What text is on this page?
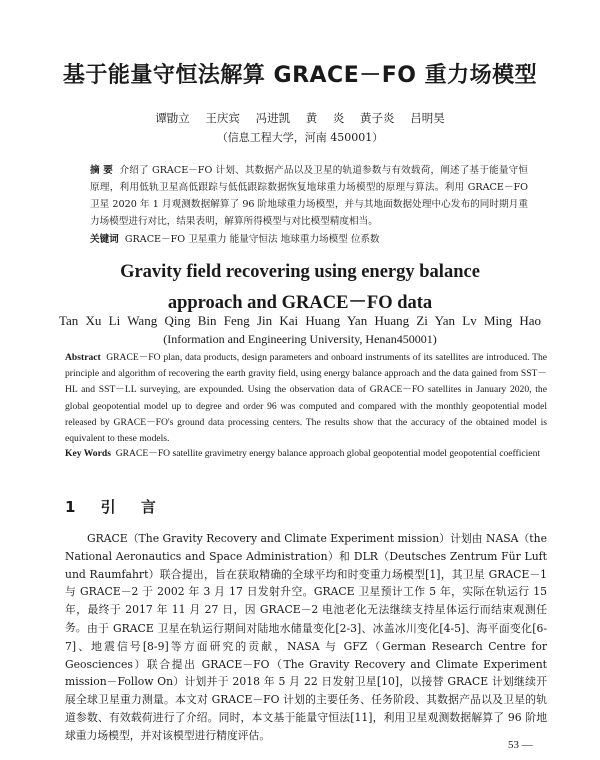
基于能量守恒法解算 GRACE－FO 重力场模型
谭勖立 王庆宾 冯进凯 黄 炎 黄子炎 吕明昊
（信息工程大学，河南 450001）
摘 要 介绍了 GRACE－FO 计划、其数据产品以及卫星的轨道参数与有效载荷，阐述了基于能量守恒原理，利用低轨卫星高低跟踪与低低跟踪数据恢复地球重力场模型的原理与算法。利用 GRACE－FO 卫星 2020 年 1 月观测数据解算了 96 阶地球重力场模型，并与其地面数据处理中心发布的同时期月重力场模型进行对比，结果表明，解算所得模型与对比模型精度相当。
关键词 GRACE－FO 卫星重力 能量守恒法 地球重力场模型 位系数
Gravity field recovering using energy balance
approach and GRACE－FO data
Tan Xu Li Wang Qing Bin Feng Jin Kai Huang Yan Huang Zi Yan Lv Ming Hao
(Information and Engineering University, Henan450001)
Abstract GRACE－FO plan, data products, design parameters and onboard instruments of its satellites are introduced. The principle and algorithm of recovering the earth gravity field, using energy balance approach and the data gained from SST－HL and SST－LL surveying, are expounded. Using the observation data of GRACE－FO satellites in January 2020, the global geopotential model up to degree and order 96 was computed and compared with the monthly geopotential model released by GRACE－FO's ground data processing centers. The results show that the accuracy of the obtained model is equivalent to these models.
Key Words GRACE－FO satellite gravimetry energy balance approach global geopotential model geopotential coefficient
1 引 言
GRACE（The Gravity Recovery and Climate Experiment mission）计划由 NASA（the National Aeronautics and Space Administration）和 DLR（Deutsches Zentrum Für Luft und Raumfahrt）联合提出，旨在获取精确的全球平均和时变重力场模型[1]，其卫星 GRACE－1 与 GRACE－2 于 2002 年 3 月 17 日发射升空。GRACE 卫星预计工作 5 年，实际在轨运行 15 年，最终于 2017 年 11 月 27 日，因 GRACE－2 电池老化无法继续支持星体运行而结束观测任务。 由于 GRACE 卫星在轨运行期间对陆地水储量变化[2-3]、冰盖冰川变化[4-5]、海平面变化[6-7]、地震信号[8-9]等方面研究的贡献，NASA 与 GFZ（German Research Centre for Geosciences）联合提出 GRACE－FO（The Gravity Recovery and Climate Experiment mission－Follow On）计划并于 2018 年 5 月 22 日发射卫星[10]，以接替 GRACE 计划继续开展全球卫星重力测量。本文对 GRACE－FO 计划的主要任务、任务阶段、其数据产品以及卫星的轨道参数、有效载荷进行了介绍。同时，本文基于能量守恒法[11]，利用卫星观测数据解算了 96 阶地球重力场模型，并对该模型进行精度评估。
53 —
